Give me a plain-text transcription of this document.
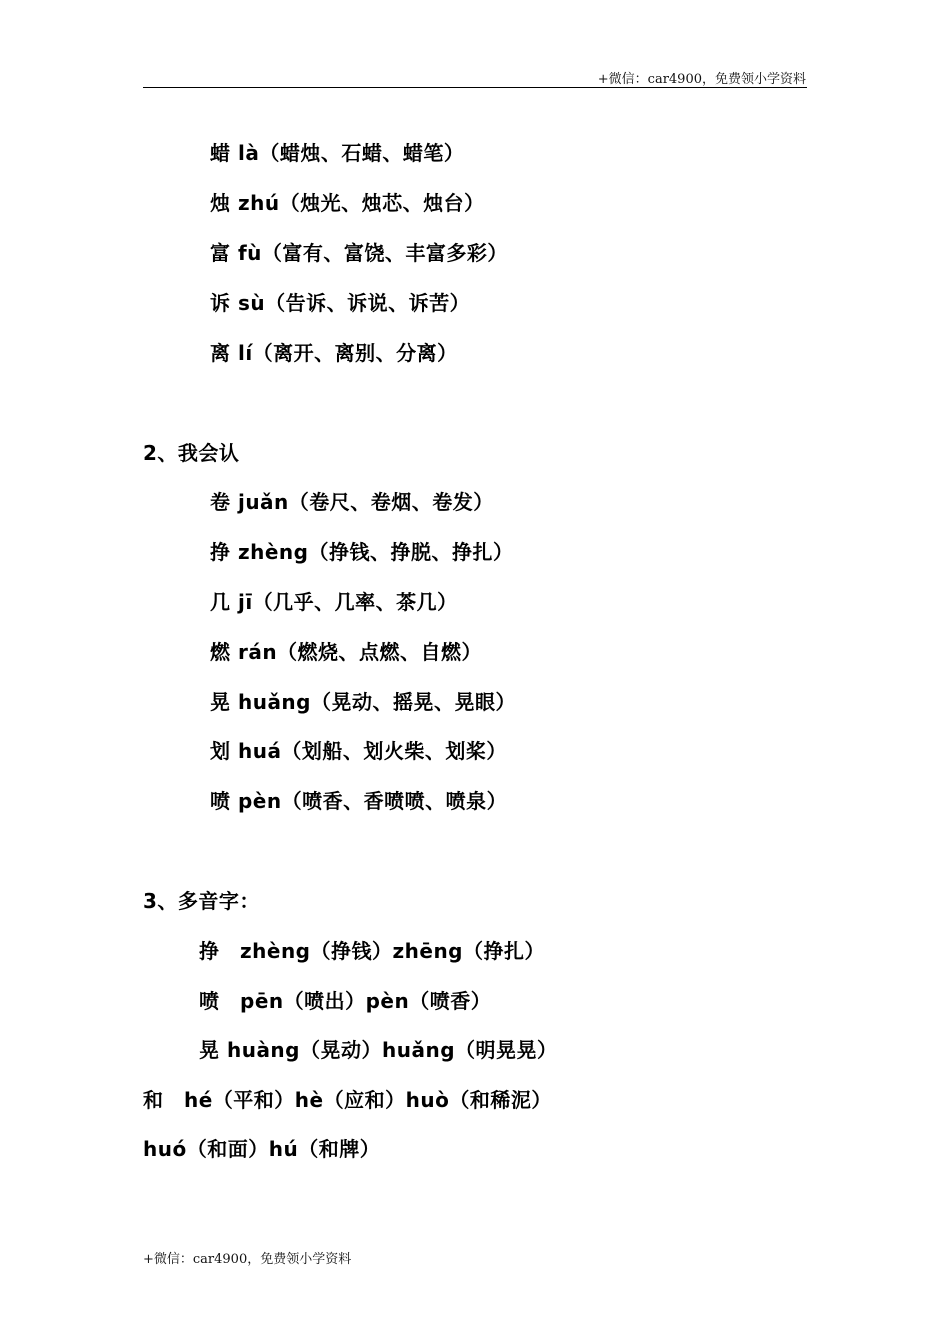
+微信：car4900，免费领小学资料
蜡 là（蜡烛、石蜡、蜡笔）
烛 zhú（烛光、烛芯、烛台）
富 fù（富有、富饶、丰富多彩）
诉 sù（告诉、诉说、诉苦）
离 lí（离开、离别、分离）
2、我会认
卷 juǎn（卷尺、卷烟、卷发）
挣 zhèng（挣钱、挣脱、挣扎）
几 jī（几乎、几率、茶几）
燃 rán（燃烧、点燃、自燃）
晃 huǎng（晃动、摇晃、晃眼）
划 huá（划船、划火柴、划桨）
喷 pèn（喷香、香喷喷、喷泉）
3、多音字：
挣　zhèng（挣钱）zhēng（挣扎）
喷　pēn（喷出）pèn（喷香）
晃 huàng（晃动）huǎng（明晃晃）
和　hé（平和）hè（应和）huò（和稀泥）
huó（和面）hú（和牌）
+微信：car4900，免费领小学资料
